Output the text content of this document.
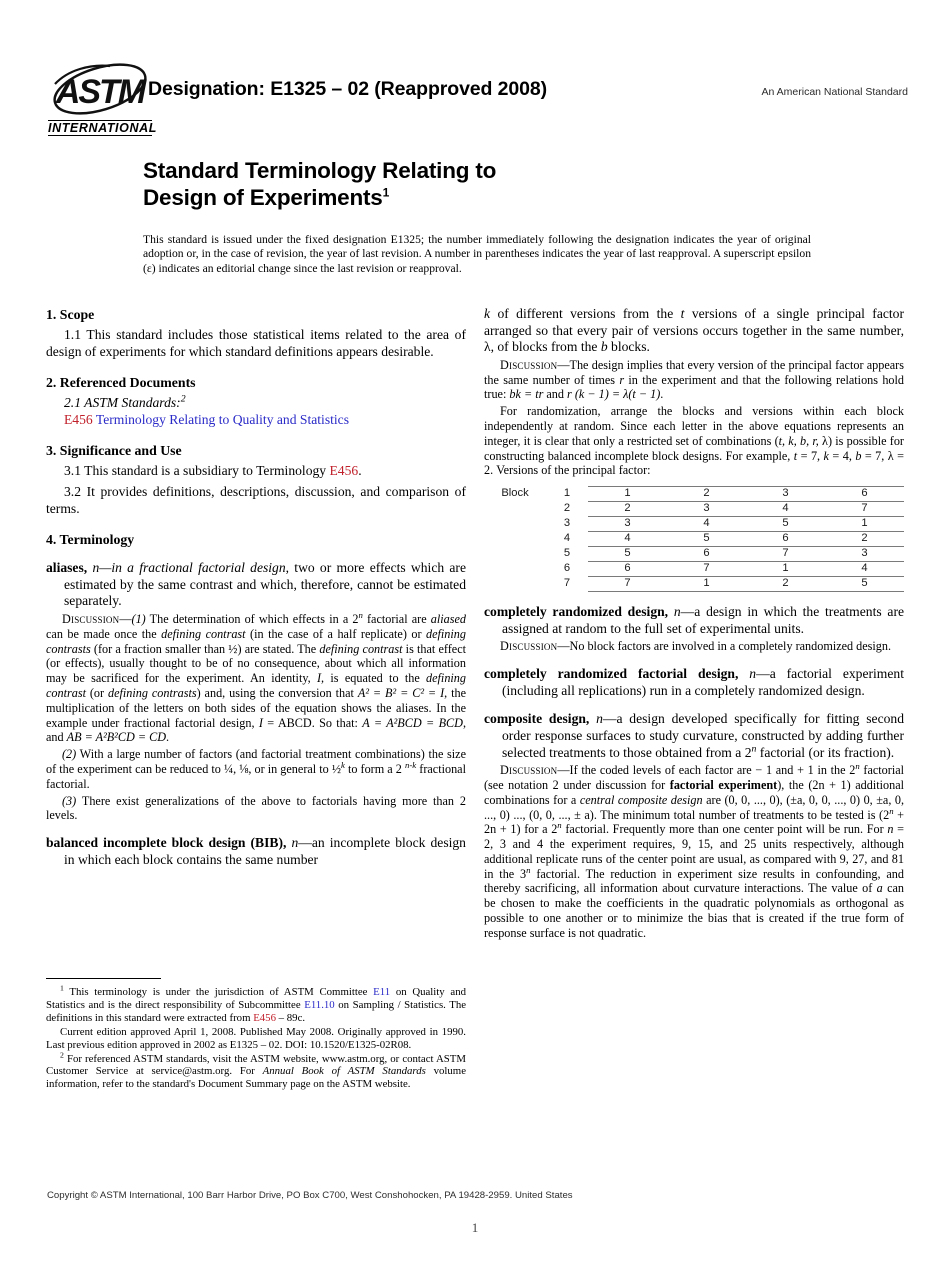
ASTM
INTERNATIONAL
Designation: E1325 – 02 (Reapproved 2008)	An American National Standard
Standard Terminology Relating to
Design of Experiments$^1$
This standard is issued under the fixed designation E1325; the number immediately following the designation indicates the year of original adoption or, in the case of revision, the year of last revision. A number in parentheses indicates the year of last reapproval. A superscript epsilon (ε) indicates an editorial change since the last revision or reapproval.
1. Scope

1.1 This standard includes those statistical items related to the area of design of experiments for which standard definitions appears desirable.

2. Referenced Documents

2.1 ASTM Standards:$^2$

E456 Terminology Relating to Quality and Statistics

3. Significance and Use

3.1 This standard is a subsidiary to Terminology E456.

3.2 It provides definitions, descriptions, discussion, and comparison of terms.

4. Terminology

aliases, n—in a fractional factorial design, two or more effects which are estimated by the same contrast and which, therefore, cannot be estimated separately.

Discussion—(1) The determination of which effects in a 2$^n$ factorial are aliased can be made once the defining contrast (in the case of a half replicate) or defining contrasts (for a fraction smaller than ½) are stated. The defining contrast is that effect (or effects), usually thought to be of no consequence, about which all information may be sacrificed for the experiment. An identity, I, is equated to the defining contrast (or defining contrasts) and, using the conversion that A² = B² = C² = I, the multiplication of the letters on both sides of the equation shows the aliases. In the example under fractional factorial design, I = ABCD. So that: A = A²BCD = BCD, and AB = A²B²CD = CD.

(2) With a large number of factors (and factorial treatment combinations) the size of the experiment can be reduced to ¼, ⅛, or in general to ½$^k$ to form a 2 $^{n-k}$ fractional factorial.

(3) There exist generalizations of the above to factorials having more than 2 levels.

balanced incomplete block design (BIB), n—an incomplete block design in which each block contains the same number

k of different versions from the t versions of a single principal factor arranged so that every pair of versions occurs together in the same number, λ, of blocks from the b blocks.

Discussion—The design implies that every version of the principal factor appears the same number of times r in the experiment and that the following relations hold true: bk = tr and r (k − 1) = λ(t − 1).

For randomization, arrange the blocks and versions within each block independently at random. Since each letter in the above equations represents an integer, it is clear that only a restricted set of combinations (t, k, b, r, λ) is possible for constructing balanced incomplete block designs. For example, t = 7, k = 4, b = 7, λ = 2. Versions of the principal factor:

Block	1	1	2	3	6
	2	2	3	4	7
	3	3	4	5	1
	4	4	5	6	2
	5	5	6	7	3
	6	6	7	1	4
	7	7	1	2	5

completely randomized design, n—a design in which the treatments are assigned at random to the full set of experimental units.

Discussion—No block factors are involved in a completely randomized design.

completely randomized factorial design, n—a factorial experiment (including all replications) run in a completely randomized design.

composite design, n—a design developed specifically for fitting second order response surfaces to study curvature, constructed by adding further selected treatments to those obtained from a 2$^n$ factorial (or its fraction).

Discussion—If the coded levels of each factor are − 1 and + 1 in the 2$^n$ factorial (see notation 2 under discussion for factorial experiment), the (2n + 1) additional combinations for a central composite design are (0, 0, ..., 0), (±a, 0, 0, ..., 0) 0, ±a, 0, ..., 0) ..., (0, 0, ..., ± a). The minimum total number of treatments to be tested is $(2^n + 2n + 1)$ for a 2$^n$ factorial. Frequently more than one center point will be run. For n = 2, 3 and 4 the experiment requires, 9, 15, and 25 units respectively, although additional replicate runs of the center point are usual, as compared with 9, 27, and 81 in the 3$^n$ factorial. The reduction in experiment size results in confounding, and thereby sacrificing, all information about curvature interactions. The value of a can be chosen to make the coefficients in the quadratic polynomials as orthogonal as possible to one another or to minimize the bias that is created if the true form of response surface is not quadratic.

$^1$ This terminology is under the jurisdiction of ASTM Committee E11 on Quality and Statistics and is the direct responsibility of Subcommittee E11.10 on Sampling / Statistics. The definitions in this standard were extracted from E456 – 89c.

Current edition approved April 1, 2008. Published May 2008. Originally approved in 1990. Last previous edition approved in 2002 as E1325 – 02. DOI: 10.1520/E1325-02R08.

$^2$ For referenced ASTM standards, visit the ASTM website, www.astm.org, or contact ASTM Customer Service at service@astm.org. For Annual Book of ASTM Standards volume information, refer to the standard's Document Summary page on the ASTM website.

Copyright © ASTM International, 100 Barr Harbor Drive, PO Box C700, West Conshohocken, PA 19428-2959. United States
1
